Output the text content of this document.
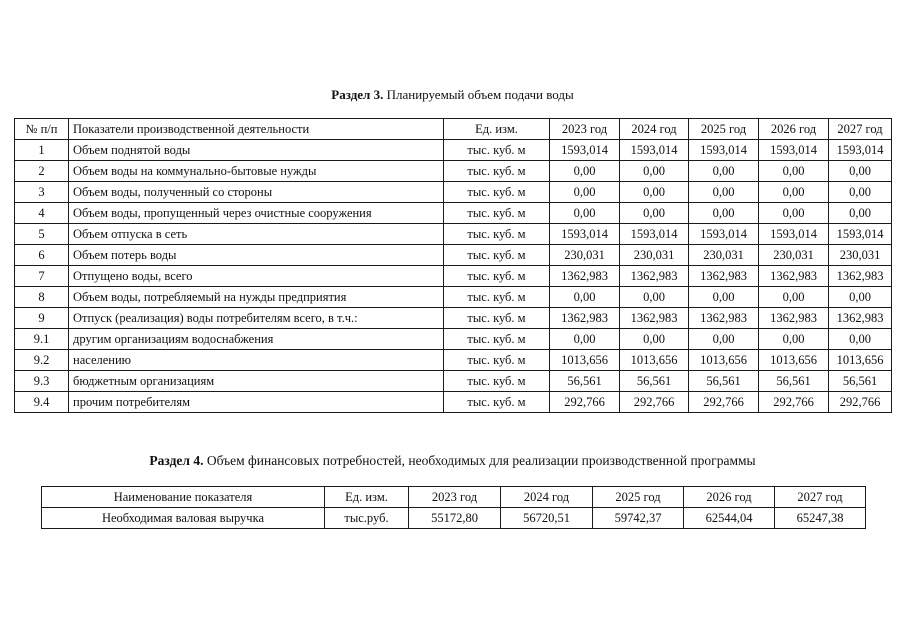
Раздел 3. Планируемый объем подачи воды
№ п/п	Показатели производственной деятельности	Ед. изм.	2023 год	2024 год	2025 год	2026 год	2027 год
1	Объем поднятой воды	тыс. куб. м	1593,014	1593,014	1593,014	1593,014	1593,014
2	Объем воды на коммунально-бытовые нужды	тыс. куб. м	0,00	0,00	0,00	0,00	0,00
3	Объем воды, полученный со стороны	тыс. куб. м	0,00	0,00	0,00	0,00	0,00
4	Объем воды, пропущенный через очистные сооружения	тыс. куб. м	0,00	0,00	0,00	0,00	0,00
5	Объем отпуска в сеть	тыс. куб. м	1593,014	1593,014	1593,014	1593,014	1593,014
6	Объем потерь воды	тыс. куб. м	230,031	230,031	230,031	230,031	230,031
7	Отпущено воды, всего	тыс. куб. м	1362,983	1362,983	1362,983	1362,983	1362,983
8	Объем воды, потребляемый на нужды предприятия	тыс. куб. м	0,00	0,00	0,00	0,00	0,00
9	Отпуск (реализация) воды потребителям всего, в т.ч.:	тыс. куб. м	1362,983	1362,983	1362,983	1362,983	1362,983
9.1	другим организациям водоснабжения	тыс. куб. м	0,00	0,00	0,00	0,00	0,00
9.2	населению	тыс. куб. м	1013,656	1013,656	1013,656	1013,656	1013,656
9.3	бюджетным организациям	тыс. куб. м	56,561	56,561	56,561	56,561	56,561
9.4	прочим потребителям	тыс. куб. м	292,766	292,766	292,766	292,766	292,766
Раздел 4. Объем финансовых потребностей, необходимых для реализации производственной программы
Наименование показателя	Ед. изм.	2023 год	2024 год	2025 год	2026 год	2027 год
Необходимая валовая выручка	тыс.руб.	55172,80	56720,51	59742,37	62544,04	65247,38
